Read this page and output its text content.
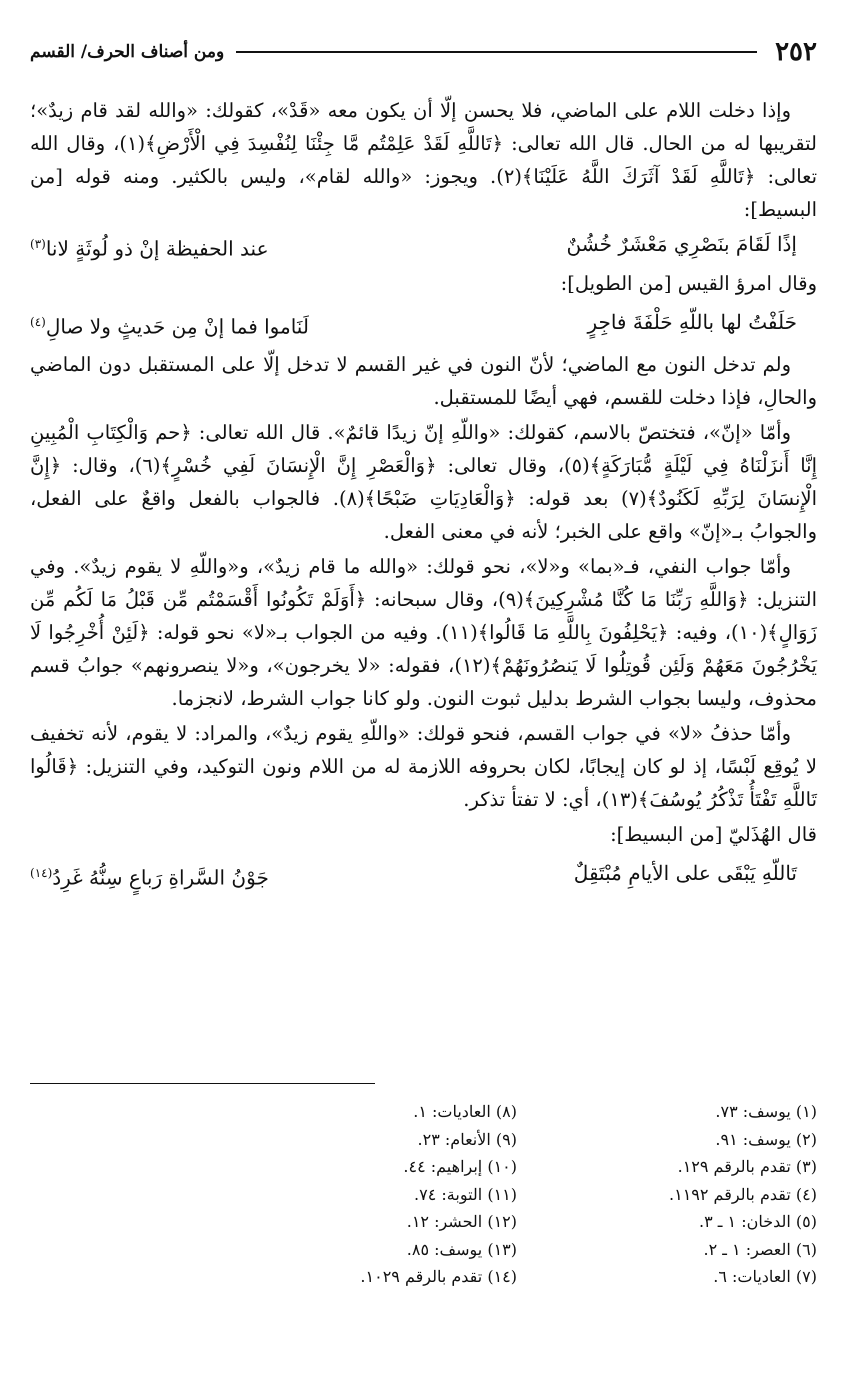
٢٥٢
ومن أصناف الحرف/ القسم

وإذا دخلت اللام على الماضي، فلا يحسن إلّا أن يكون معه «قَدْ»، كقولك: «والله لقد قام زيدٌ»؛ لتقريبها له من الحال. قال الله تعالى: ﴿تَاللَّهِ لَقَدْ عَلِمْتُم مَّا جِئْنَا لِنُفْسِدَ فِي الْأَرْضِ﴾(١)، وقال الله تعالى: ﴿تَاللَّهِ لَقَدْ آثَرَكَ اللَّهُ عَلَيْنَا﴾(٢). ويجوز: «والله لقام»، وليس بالكثير. ومنه قوله [من البسيط]:

إذًا لَقَامَ بنَصْرِي مَعْشَرٌ خُشُنٌ
عند الحفيظة إنْ ذو لُوثَةٍ لانا$^{(٣)}$

وقال امرؤ القيس [من الطويل]:

حَلَفْتُ لها باللّهِ حَلْفَةَ فاجِرٍ
لَنَاموا فما إنْ مِن حَديثٍ ولا صالِ$^{(٤)}$

ولم تدخل النون مع الماضي؛ لأنّ النون في غير القسم لا تدخل إلّا على المستقبل دون الماضي والحالِ، فإذا دخلت للقسم، فهي أيضًا للمستقبل.

وأمّا «إنّ»، فتختصّ بالاسم، كقولك: «واللّهِ إنّ زيدًا قائمٌ». قال الله تعالى: ﴿حم وَالْكِتَابِ الْمُبِينِ إِنَّا أَنزَلْنَاهُ فِي لَيْلَةٍ مُّبَارَكَةٍ﴾(٥)، وقال تعالى: ﴿وَالْعَصْرِ إِنَّ الْإِنسَانَ لَفِي خُسْرٍ﴾(٦)، وقال: ﴿إِنَّ الْإِنسَانَ لِرَبِّهِ لَكَنُودٌ﴾(٧) بعد قوله: ﴿وَالْعَادِيَاتِ ضَبْحًا﴾(٨). فالجواب بالفعل واقعٌ على الفعل، والجوابُ بـ«إنّ» واقع على الخبر؛ لأنه في معنى الفعل.

وأمّا جواب النفي، فـ«بما» و«لا»، نحو قولك: «والله ما قام زيدٌ»، و«واللّهِ لا يقوم زيدٌ». وفي التنزيل: ﴿وَاللَّهِ رَبِّنَا مَا كُنَّا مُشْرِكِينَ﴾(٩)، وقال سبحانه: ﴿أَوَلَمْ تَكُونُوا أَقْسَمْتُم مِّن قَبْلُ مَا لَكُم مِّن زَوَالٍ﴾(١٠)، وفيه: ﴿يَحْلِفُونَ بِاللَّهِ مَا قَالُوا﴾(١١). وفيه من الجواب بـ«لا» نحو قوله: ﴿لَئِنْ أُخْرِجُوا لَا يَخْرُجُونَ مَعَهُمْ وَلَئِن قُوتِلُوا لَا يَنصُرُونَهُمْ﴾(١٢)، فقوله: «لا يخرجون»، و«لا ينصرونهم» جوابُ قسم محذوف، وليسا بجواب الشرط بدليل ثبوت النون. ولو كانا جواب الشرط، لانجزما.

وأمّا حذفُ «لا» في جواب القسم، فنحو قولك: «واللّهِ يقوم زيدٌ»، والمراد: لا يقوم، لأنه تخفيف لا يُوقِع لَبْسًا، إذ لو كان إيجابًا، لكان بحروفه اللازمة له من اللام ونون التوكيد، وفي التنزيل: ﴿قَالُوا تَاللَّهِ تَفْتَأُ تَذْكُرُ يُوسُفَ﴾(١٣)، أي: لا تفتأ تذكر.

قال الهُذَليّ [من البسيط]:

تَاللّهِ يَبْقَى على الأيامِ مُبْتَقِلٌ
جَوْنُ السَّراةِ رَباعٍ سِنُّهُ غَرِدُ$^{(١٤)}$
(١) يوسف: ٧٣.
(٢) يوسف: ٩١.
(٣) تقدم بالرقم ١٢٩.
(٤) تقدم بالرقم ١١٩٢.
(٥) الدخان: ١ ـ ٣.
(٦) العصر: ١ ـ ٢.
(٧) العاديات: ٦.
(٨) العاديات: ١.
(٩) الأنعام: ٢٣.
(١٠) إبراهيم: ٤٤.
(١١) التوبة: ٧٤.
(١٢) الحشر: ١٢.
(١٣) يوسف: ٨٥.
(١٤) تقدم بالرقم ١٠٢٩.
